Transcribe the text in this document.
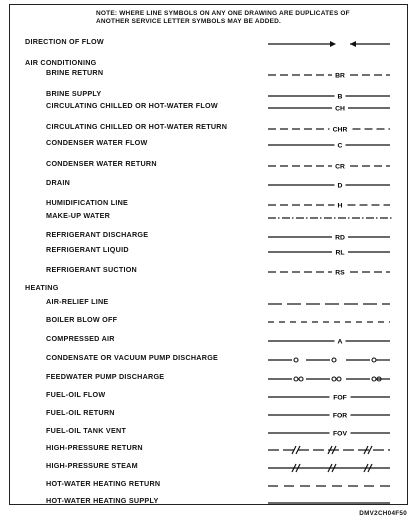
NOTE: WHERE LINE SYMBOLS ON ANY ONE DRAWING ARE DUPLICATES OF ANOTHER SERVICE LETTER SYMBOLS MAY BE ADDED.
DIRECTION OF FLOW
AIR CONDITIONING
BRINE RETURN	BR
BRINE SUPPLY	B
CIRCULATING CHILLED OR HOT-WATER FLOW	CH
CIRCULATING CHILLED OR HOT-WATER RETURN	CHR
CONDENSER WATER FLOW	C
CONDENSER WATER RETURN	CR
DRAIN	D
HUMIDIFICATION LINE	H
MAKE-UP WATER
REFRIGERANT DISCHARGE	RD
REFRIGERANT LIQUID	RL
REFRIGERANT SUCTION	RS
HEATING
AIR-RELIEF LINE
BOILER BLOW OFF
COMPRESSED AIR	A
CONDENSATE OR VACUUM PUMP DISCHARGE
FEEDWATER PUMP DISCHARGE
FUEL-OIL FLOW	FOF
FUEL-OIL RETURN	FOR
FUEL-OIL TANK VENT	FOV
HIGH-PRESSURE RETURN
HIGH-PRESSURE STEAM
HOT-WATER HEATING RETURN
HOT-WATER HEATING SUPPLY
DMV2CH04F50
